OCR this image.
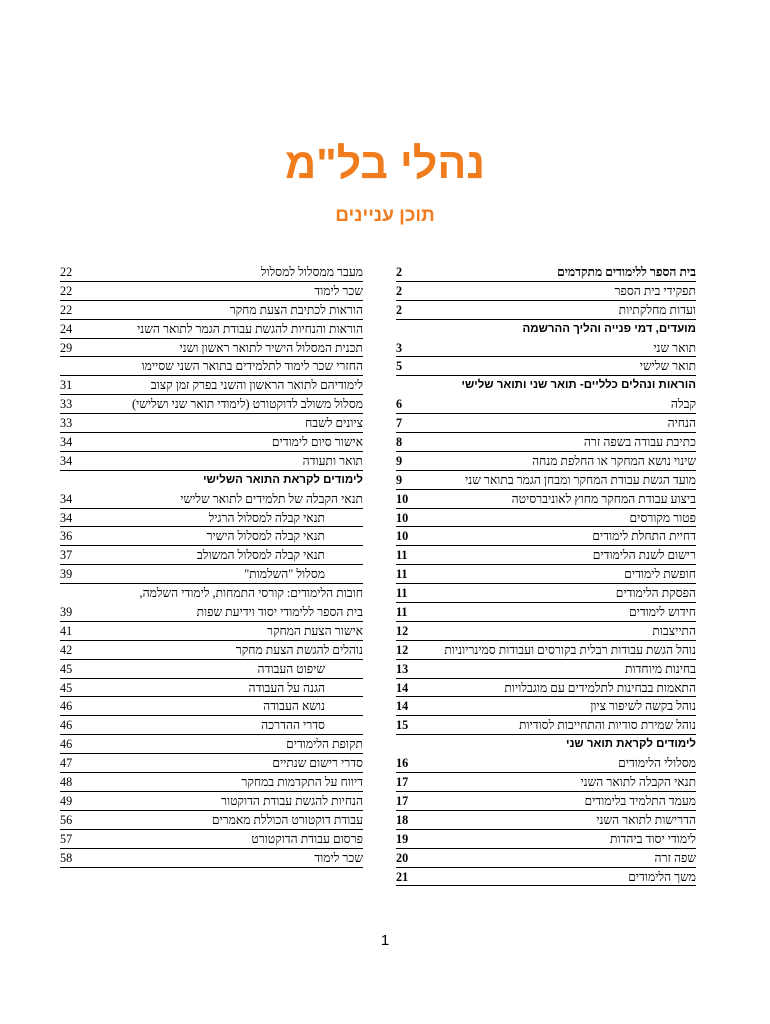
נהלי בל"מ
תוכן עניינים
בית הספר ללימודים מתקדמים
2
תפקידי בית הספר
2
ועדות מחלקתיות
2
מועדים, דמי פנייה והליך ההרשמה
תואר שני
3
תואר שלישי
5
הוראות ונהלים כלליים- תואר שני ותואר שלישי
קבלה
6
הנחיה
7
כתיבת עבודה בשפה זרה
8
שינוי נושא המחקר או החלפת מנחה
9
מועד הגשת עבודת המחקר ומבחן הגמר בתואר שני
9
ביצוע עבודת המחקר מחוץ לאוניברסיטה
10
פטור מקורסים
10
דחיית התחלת לימודים
10
רישום לשנת הלימודים
11
חופשת לימודים
11
הפסקת הלימודים
11
חידוש לימודים
11
התייצבות
12
נוהל הגשת עבודות רבלית בקורסים ועבודות סמינריוניות
12
בחינות מיוחדות
13
התאמות בבחינות לתלמידים עם מוגבלויות
14
נוהל בקשה לשיפור ציון
14
נוהל שמירת סודיות והתחייבות לסודיות
15
לימודים לקראת תואר שני
מסלולי הלימודים
16
תנאי הקבלה לתואר השני
17
מעמד התלמיד בלימודים
17
הדרישות לתואר השני
18
לימודי יסוד ביהדות
19
שפה זרה
20
משך הלימודים
21
מעבר ממסלול למסלול
22
שכר לימוד
22
הוראות לכתיבת הצעת מחקר
22
הוראות והנחיות להגשת עבודת הגמר לתואר השני
24
תכנית המסלול הישיר לתואר ראשון ושני
29
החזרי שכר לימוד לתלמידים בתואר השני שסיימו
לימודיהם לתואר הראשון והשני בפרק זמן קצוב
31
מסלול משולב לדוקטורט (לימודי תואר שני ושלישי)
33
ציונים לשבח
33
אישור סיום לימודים
34
תואר ותעודה
34
לימודים לקראת התואר השלישי
תנאי הקבלה של תלמידים לתואר שלישי
34
תנאי קבלה למסלול הרגיל
34
תנאי קבלה למסלול הישיר
36
תנאי קבלה למסלול המשולב
37
מסלול "השלמות"
39
חובות הלימודים: קורסי התמחות, לימודי השלמה,
בית הספר ללימודי יסוד וידיעת שפות
39
אישור הצעת המחקר
41
נוהלים להגשת הצעת מחקר
42
שיפוט העבודה
45
הגנה על העבודה
45
נושא העבודה
46
סדרי ההדרכה
46
תקופת הלימודים
46
סדרי רישום שנתיים
47
דיווח על התקדמות במחקר
48
הנחיות להגשת עבודת הדוקטור
49
עבודת דוקטורט הכוללת מאמרים
56
פרסום עבודת הדוקטורט
57
שכר לימוד
58
1
